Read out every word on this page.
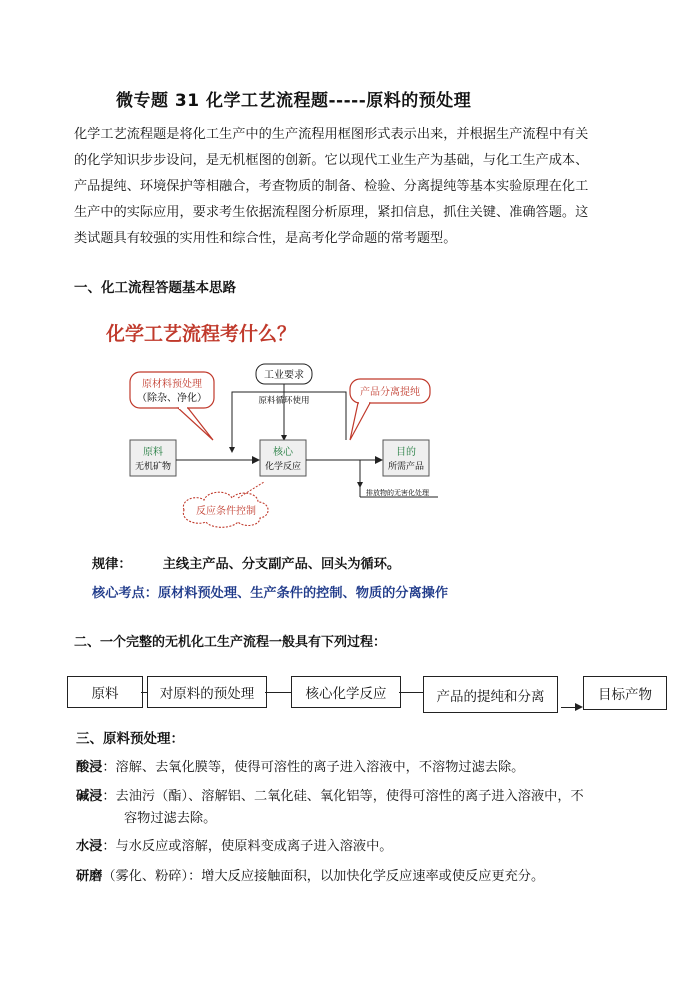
微专题 31 化学工艺流程题-----原料的预处理

化学工艺流程题是将化工生产中的生产流程用框图形式表示出来，并根据生产流程中有关

的化学知识步步设问，是无机框图的创新。它以现代工业生产为基础，与化工生产成本、

产品提纯、环境保护等相融合，考查物质的制备、检验、分离提纯等基本实验原理在化工

生产中的实际应用，要求考生依据流程图分析原理，紧扣信息，抓住关键、准确答题。这

类试题具有较强的实用性和综合性，是高考化学命题的常考题型。

一、化工流程答题基本思路
化学工艺流程考什么？
工业要求
原材料预处理
（除杂、净化）
产品分离提纯
原料循环使用
原料
无机矿物
核心
化学反应
目的
所需产品
排放物的无害化处理
反应条件控制
规律： 主线主产品、分支副产品、回头为循环。
核心考点：原材料预处理、生产条件的控制、物质的分离操作
二、一个完整的无机化工生产流程一般具有下列过程：
原料	对原料的预处理	核心化学反应	产品的提纯和分离	目标产物
三、原料预处理：
酸浸：溶解、去氧化膜等，使得可溶性的离子进入溶液中，不溶物过滤去除。
碱浸：去油污（酯）、溶解铝、二氧化硅、氧化铝等，使得可溶性的离子进入溶液中，不
容物过滤去除。
水浸：与水反应或溶解，使原料变成离子进入溶液中。
研磨（雾化、粉碎）：增大反应接触面积，以加快化学反应速率或使反应更充分。
